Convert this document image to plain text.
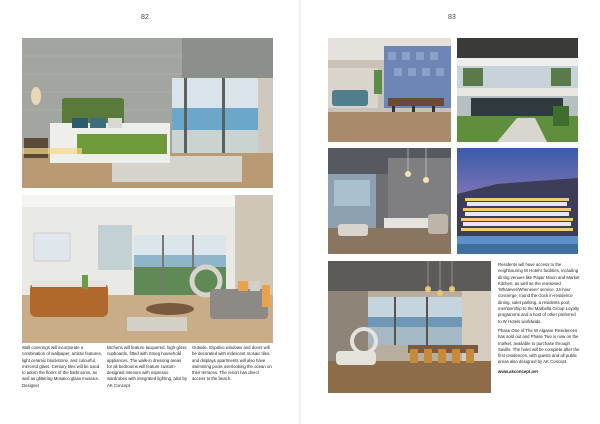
82	83

Wall coverings will incorporate a combination of wallpaper, artistic features, light ceramic blockstone, and colourful, mirrored glass. Century tiles will be used to adorn the floors of the bathrooms, as well as glittering Mosaico glass mosaics. Designer

kitchens will feature lacquered, high-gloss cupboards, fitted with Smeg household appliances. The walk-in dressing areas for all bedrooms will feature custom-designed interiors with espresso wardrobes with integrated lighting, also by AK Concept.

Outside, Espalvo windows and doors will be decorated with iridescent mosaic tiles, and displays apartments will also have swimming pools overlooking the ocean on their terraces. The resort has direct access to the beach.

Residents will have access to the neighbouring W Hotel's facilities, including dining venues like Paper Moon and Market Kitchen, as well as the renowned 'Whatever/Whenever' service, 24-hour concierge, round the clock in-residence dining, valet parking, a residents pool, membership to the Marbella Group Loyalty programme and a host of other preferred to W Hotels worldwide.

Phase One of The W Algarve Residences has sold out and Phase Two is now on the market, available to purchase through Savills. The hotel will be complete after the first residences, with guests and all public areas also designed by AK Concept.

www.akconcept.net
